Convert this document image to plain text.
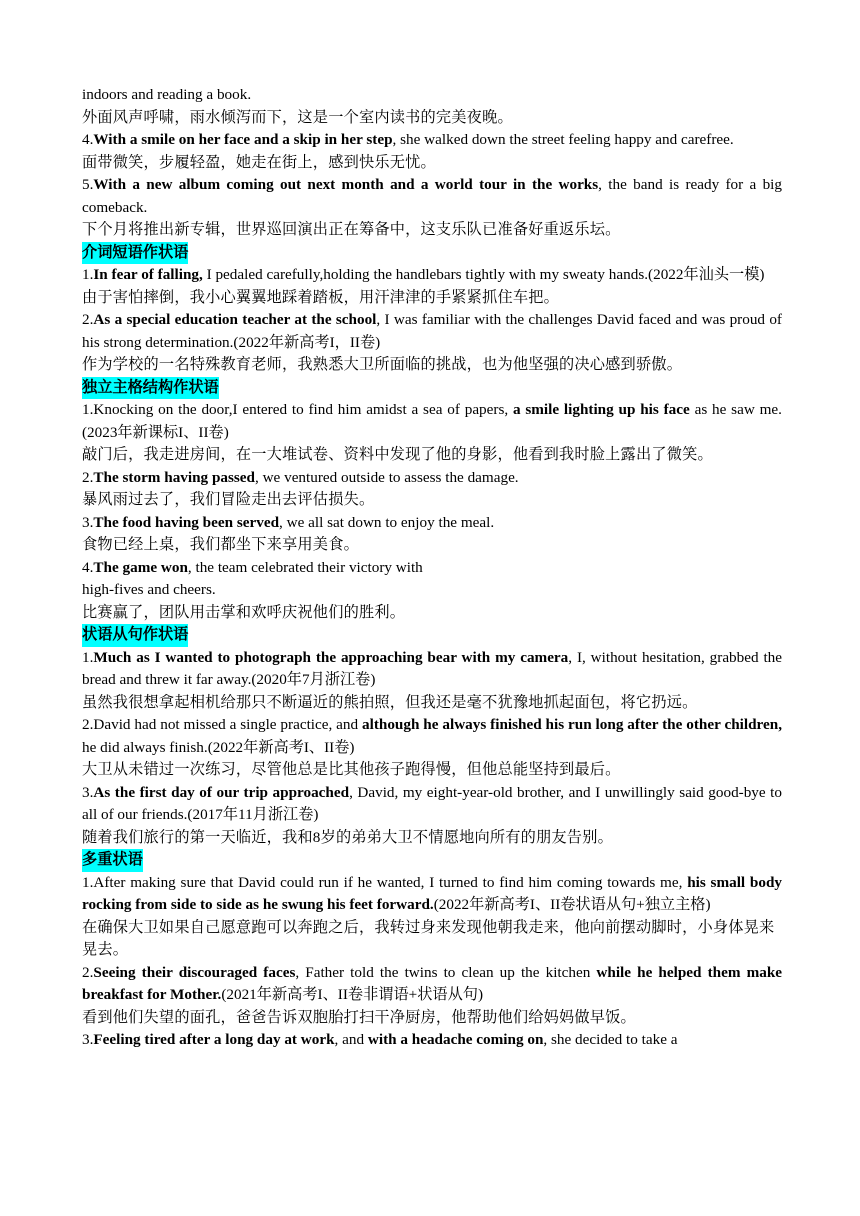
indoors and reading a book.
外面风声呼啸，雨水倾泻而下，这是一个室内读书的完美夜晚。
4.With a smile on her face and a skip in her step, she walked down the street feeling happy and carefree.
面带微笑，步履轻盈，她走在街上，感到快乐无忧。
5.With a new album coming out next month and a world tour in the works, the band is ready for a big comeback.
下个月将推出新专辑，世界巡回演出正在筹备中，这支乐队已准备好重返乐坛。
介词短语作状语
1.In fear of falling, I pedaled carefully,holding the handlebars tightly with my sweaty hands.(2022年汕头一模)
由于害怕摔倒，我小心翼翼地踩着踏板，用汗津津的手紧紧抓住车把。
2.As a special education teacher at the school, I was familiar with the challenges David faced and was proud of his strong determination.(2022年新高考I，II卷)
作为学校的一名特殊教育老师，我熟悉大卫所面临的挑战，也为他坚强的决心感到骄傲。
独立主格结构作状语
1.Knocking on the door,I entered to find him amidst a sea of papers, a smile lighting up his face as he saw me.(2023年新课标I、II卷)
敲门后，我走进房间，在一大堆试卷、资料中发现了他的身影，他看到我时脸上露出了微笑。
2.The storm having passed, we ventured outside to assess the damage.
暴风雨过去了，我们冒险走出去评估损失。
3.The food having been served, we all sat down to enjoy the meal.
食物已经上桌，我们都坐下来享用美食。
4.The game won, the team celebrated their victory with
high-fives and cheers.
比赛赢了，团队用击掌和欢呼庆祝他们的胜利。
状语从句作状语
1.Much as I wanted to photograph the approaching bear with my camera, I, without hesitation, grabbed the bread and threw it far away.(2020年7月浙江卷)
虽然我很想拿起相机给那只不断逼近的熊拍照，但我还是毫不犹豫地抓起面包，将它扔远。
2.David had not missed a single practice, and although he always finished his run long after the other children, he did always finish.(2022年新高考I、II卷)
大卫从未错过一次练习，尽管他总是比其他孩子跑得慢，但他总能坚持到最后。
3.As the first day of our trip approached, David, my eight-year-old brother, and I unwillingly said good-bye to all of our friends.(2017年11月浙江卷)
随着我们旅行的第一天临近，我和8岁的弟弟大卫不情愿地向所有的朋友告别。
多重状语
1.After making sure that David could run if he wanted, I turned to find him coming towards me, his small body rocking from side to side as he swung his feet forward.(2022年新高考I、II卷状语从句+独立主格)
在确保大卫如果自己愿意跑可以奔跑之后，我转过身来发现他朝我走来，他向前摆动脚时，小身体晃来晃去。
2.Seeing their discouraged faces, Father told the twins to clean up the kitchen while he helped them make breakfast for Mother.(2021年新高考I、II卷非谓语+状语从句)
看到他们失望的面孔，爸爸告诉双胞胎打扫干净厨房，他帮助他们给妈妈做早饭。
3.Feeling tired after a long day at work, and with a headache coming on, she decided to take a
